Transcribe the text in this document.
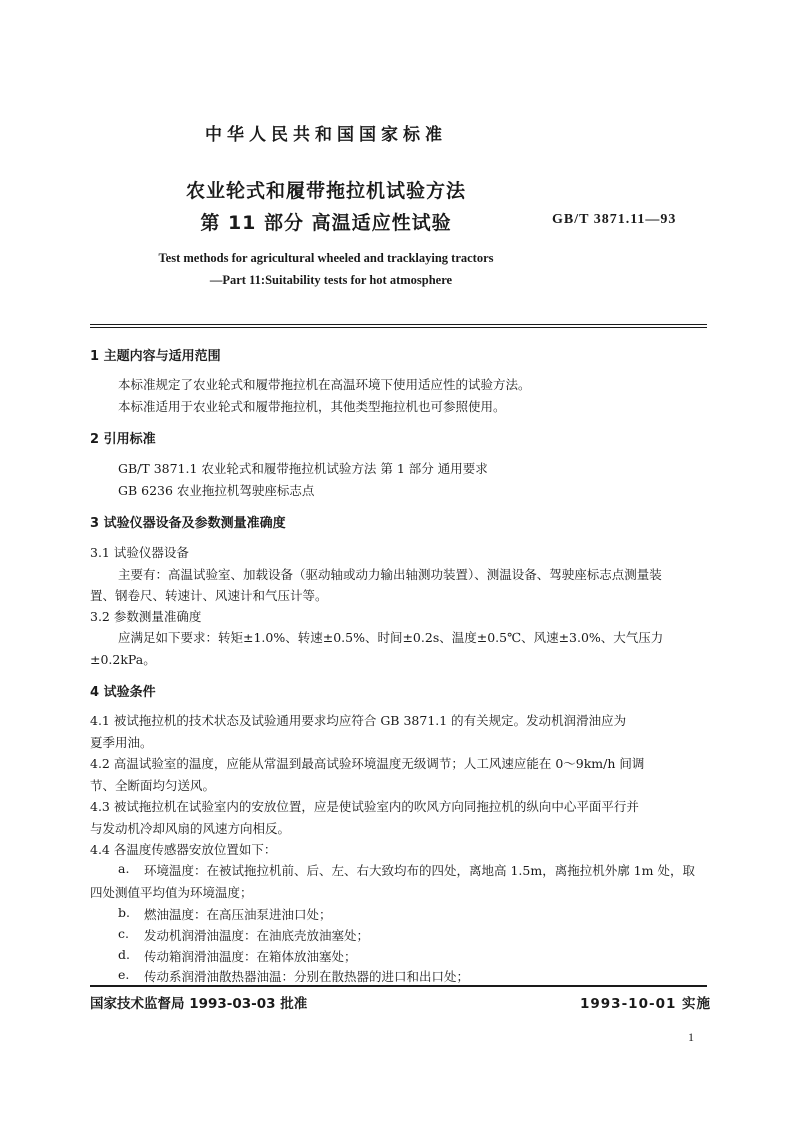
中华人民共和国国家标准
农业轮式和履带拖拉机试验方法
第 11 部分 高温适应性试验	GB/T 3871.11—93
Test methods for agricultural wheeled and tracklaying tractors
—Part 11:Suitability tests for hot atmosphere
1 主题内容与适用范围
本标准规定了农业轮式和履带拖拉机在高温环境下使用适应性的试验方法。
本标准适用于农业轮式和履带拖拉机，其他类型拖拉机也可参照使用。
2 引用标准
GB/T 3871.1 农业轮式和履带拖拉机试验方法 第 1 部分 通用要求
GB 6236 农业拖拉机驾驶座标志点
3 试验仪器设备及参数测量准确度
3.1 试验仪器设备
主要有：高温试验室、加载设备（驱动轴或动力输出轴测功装置）、测温设备、驾驶座标志点测量装
置、钢卷尺、转速计、风速计和气压计等。
3.2 参数测量准确度
应满足如下要求：转矩±1.0%、转速±0.5%、时间±0.2s、温度±0.5℃、风速±3.0%、大气压力
±0.2kPa。
4 试验条件
4.1 被试拖拉机的技术状态及试验通用要求均应符合 GB 3871.1 的有关规定。发动机润滑油应为
夏季用油。
4.2 高温试验室的温度，应能从常温到最高试验环境温度无级调节；人工风速应能在 0～9km/h 间调
节、全断面均匀送风。
4.3 被试拖拉机在试验室内的安放位置，应是使试验室内的吹风方向同拖拉机的纵向中心平面平行并
与发动机冷却风扇的风速方向相反。
4.4 各温度传感器安放位置如下：
a. 环境温度：在被试拖拉机前、后、左、右大致均布的四处，离地高 1.5m，离拖拉机外廓 1m 处，取
四处测值平均值为环境温度；
b. 燃油温度：在高压油泵进油口处；
c. 发动机润滑油温度：在油底壳放油塞处；
d. 传动箱润滑油温度：在箱体放油塞处；
e. 传动系润滑油散热器油温：分别在散热器的进口和出口处；
国家技术监督局 1993-03-03 批准	1993-10-01 实施
1
